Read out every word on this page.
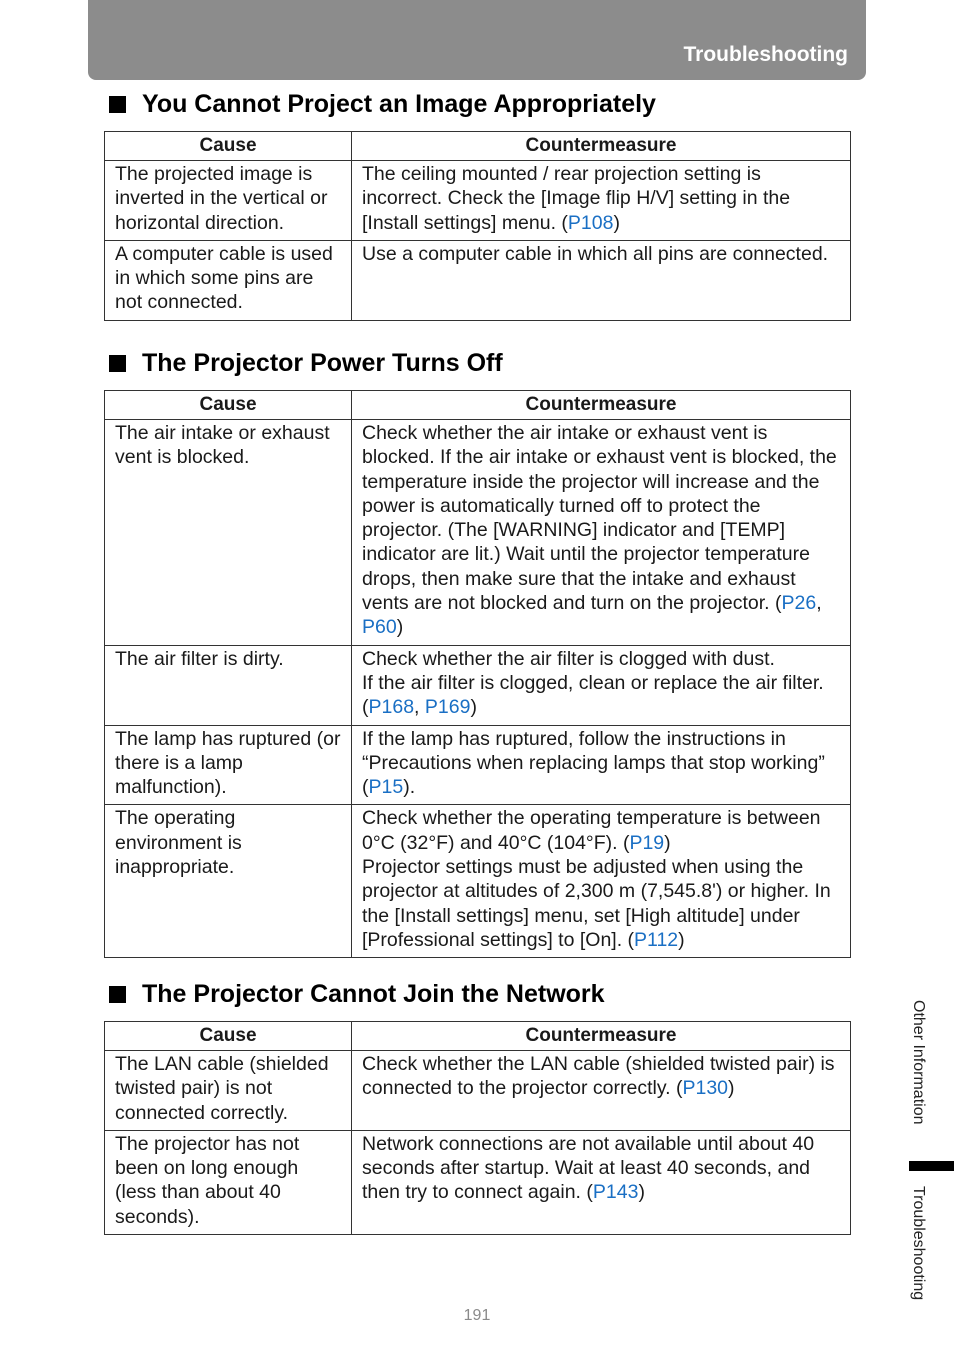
Troubleshooting
You Cannot Project an Image Appropriately
Cause	Countermeasure
The projected image is inverted in the vertical or horizontal direction.	The ceiling mounted / rear projection setting is incorrect. Check the [Image flip H/V] setting in the [Install settings] menu. (P108)
A computer cable is used in which some pins are not connected.	Use a computer cable in which all pins are connected.
The Projector Power Turns Off
Cause	Countermeasure
The air intake or exhaust vent is blocked.	Check whether the air intake or exhaust vent is blocked. If the air intake or exhaust vent is blocked, the temperature inside the projector will increase and the power is automatically turned off to protect the projector. (The [WARNING] indicator and [TEMP] indicator are lit.) Wait until the projector temperature drops, then make sure that the intake and exhaust vents are not blocked and turn on the projector. (P26, P60)
The air filter is dirty.	Check whether the air filter is clogged with dust.
If the air filter is clogged, clean or replace the air filter. (P168, P169)
The lamp has ruptured (or there is a lamp malfunction).	If the lamp has ruptured, follow the instructions in “Precautions when replacing lamps that stop working” (P15).
The operating environment is inappropriate.	Check whether the operating temperature is between 0°C (32°F) and 40°C (104°F). (P19)
Projector settings must be adjusted when using the projector at altitudes of 2,300 m (7,545.8') or higher. In the [Install settings] menu, set [High altitude] under [Professional settings] to [On]. (P112)
The Projector Cannot Join the Network
Cause	Countermeasure
The LAN cable (shielded twisted pair) is not connected correctly.	Check whether the LAN cable (shielded twisted pair) is connected to the projector correctly. (P130)
The projector has not been on long enough (less than about 40 seconds).	Network connections are not available until about 40 seconds after startup. Wait at least 40 seconds, and then try to connect again. (P143)
191
Other Information
Troubleshooting
